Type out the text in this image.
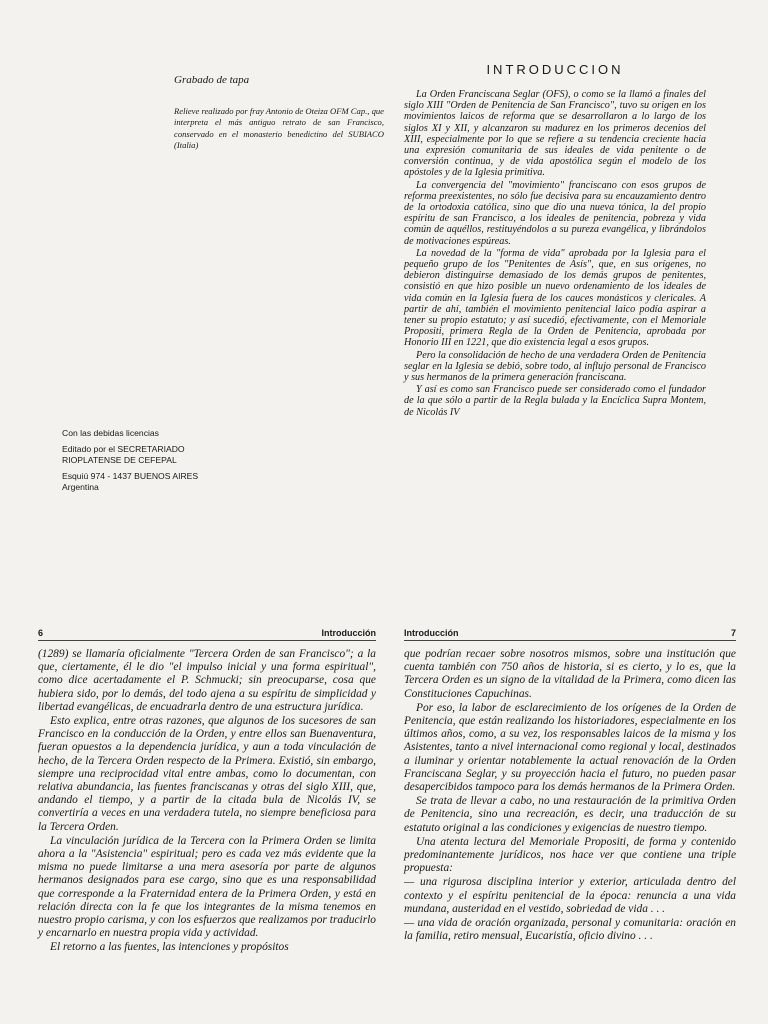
Grabado de tapa
Relieve realizado por fray Antonio de Oteiza OFM Cap., que interpreta el más antiguo retrato de san Francisco, conservado en el monasterio benedictino del SUBIACO (Italia)
Con las debidas licencias
Editado por el SECRETARIADO
RIOPLATENSE DE CEFEPAL
Esquiú 974 - 1437 BUENOS AIRES
Argentina
INTRODUCCION

La Orden Franciscana Seglar (OFS), o como se la llamó a finales del siglo XIII "Orden de Penitencia de San Francisco", tuvo su origen en los movimientos laicos de reforma que se desarrollaron a lo largo de los siglos XI y XII, y alcanzaron su madurez en los primeros decenios del XIII, especialmente por lo que se refiere a su tendencia creciente hacia una expresión comunitaria de sus ideales de vida penitente o de conversión continua, y de vida apostólica según el modelo de los apóstoles y de la Iglesia primitiva.

La convergencia del "movimiento" franciscano con esos grupos de reforma preexistentes, no sólo fue decisiva para su encauzamiento dentro de la ortodoxia católica, sino que dio una nueva tónica, la del propio espíritu de san Francisco, a los ideales de penitencia, pobreza y vida común de aquéllos, restituyéndolos a su pureza evangélica, y librándolos de motivaciones espúreas.

La novedad de la "forma de vida" aprobada por la Iglesia para el pequeño grupo de los "Penitentes de Asís", que, en sus orígenes, no debieron distinguirse demasiado de los demás grupos de penitentes, consistió en que hizo posible un nuevo ordenamiento de los ideales de vida común en la Iglesia fuera de los cauces monásticos y clericales. A partir de ahí, también el movimiento penitencial laico podía aspirar a tener su propio estatuto; y así sucedió, efectivamente, con el Memoriale Propositi, primera Regla de la Orden de Penitencia, aprobada por Honorio III en 1221, que dio existencia legal a esos grupos.

Pero la consolidación de hecho de una verdadera Orden de Penitencia seglar en la Iglesia se debió, sobre todo, al influjo personal de Francisco y sus hermanos de la primera generación franciscana.

Y así es como san Francisco puede ser considerado como el fundador de la que sólo a partir de la Regla bulada y la Encíclica Supra Montem, de Nicolás IV

6	Introducción

(1289) se llamaría oficialmente "Tercera Orden de san Francisco"; a la que, ciertamente, él le dio "el impulso inicial y una forma espiritual", como dice acertadamente el P. Schmucki; sin preocuparse, cosa que hubiera sido, por lo demás, del todo ajena a su espíritu de simplicidad y libertad evangélicas, de encuadrarla dentro de una estructura jurídica.

Esto explica, entre otras razones, que algunos de los sucesores de san Francisco en la conducción de la Orden, y entre ellos san Buenaventura, fueran opuestos a la dependencia jurídica, y aun a toda vinculación de hecho, de la Tercera Orden respecto de la Primera. Existió, sin embargo, siempre una reciprocidad vital entre ambas, como lo documentan, con relativa abundancia, las fuentes franciscanas y otras del siglo XIII, que, andando el tiempo, y a partir de la citada bula de Nicolás IV, se convertiría a veces en una verdadera tutela, no siempre beneficiosa para la Tercera Orden.

La vinculación jurídica de la Tercera con la Primera Orden se limita ahora a la "Asistencia" espiritual; pero es cada vez más evidente que la misma no puede limitarse a una mera asesoría por parte de algunos hermanos designados para ese cargo, sino que es una responsabilidad que corresponde a la Fraternidad entera de la Primera Orden, y está en relación directa con la fe que los integrantes de la misma tenemos en nuestro propio carisma, y con los esfuerzos que realizamos por traducirlo y encarnarlo en nuestra propia vida y actividad.

El retorno a las fuentes, las intenciones y propósitos

Introducción	7

que podrían recaer sobre nosotros mismos, sobre una institución que cuenta también con 750 años de historia, si es cierto, y lo es, que la Tercera Orden es un signo de la vitalidad de la Primera, como dicen las Constituciones Capuchinas.

Por eso, la labor de esclarecimiento de los orígenes de la Orden de Penitencia, que están realizando los historiadores, especialmente en los últimos años, como, a su vez, los responsables laicos de la misma y los Asistentes, tanto a nivel internacional como regional y local, destinados a iluminar y orientar notablemente la actual renovación de la Orden Franciscana Seglar, y su proyección hacia el futuro, no pueden pasar desapercibidos tampoco para los demás hermanos de la Primera Orden.

Se trata de llevar a cabo, no una restauración de la primitiva Orden de Penitencia, sino una recreación, es decir, una traducción de su estatuto original a las condiciones y exigencias de nuestro tiempo.

Una atenta lectura del Memoriale Propositi, de forma y contenido predominantemente jurídicos, nos hace ver que contiene una triple propuesta:

— una rigurosa disciplina interior y exterior, articulada dentro del contexto y el espíritu penitencial de la época: renuncia a una vida mundana, austeridad en el vestido, sobriedad de vida . . .

— una vida de oración organizada, personal y comunitaria: oración en la familia, retiro mensual, Eucaristía, oficio divino . . .
